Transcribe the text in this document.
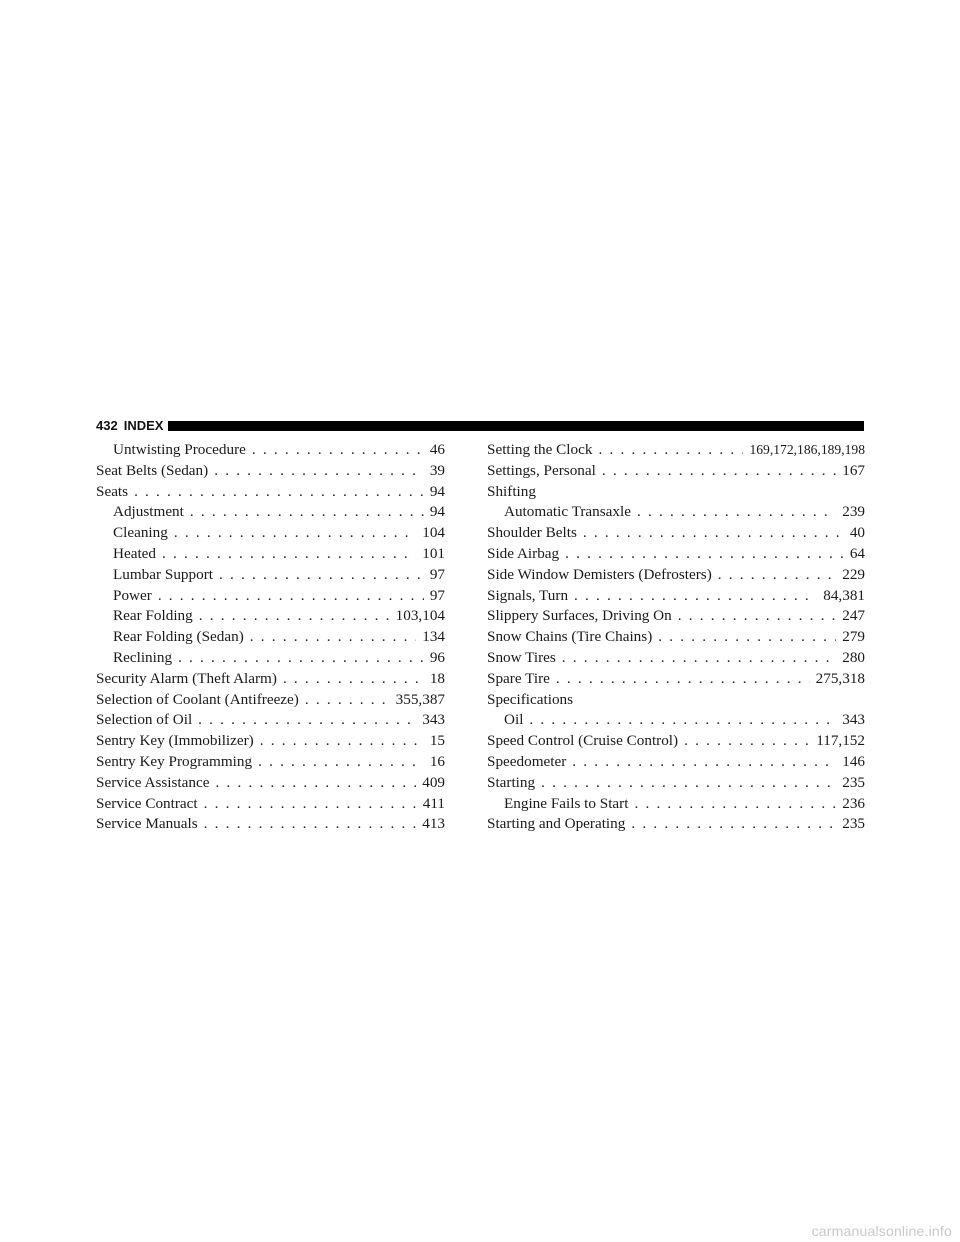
432 INDEX
Untwisting Procedure . . .	46
Seat Belts (Sedan) . . .	39
Seats . . .	94
Adjustment . . .	94
Cleaning . . .	104
Heated . . .	101
Lumbar Support . . .	97
Power . . .	97
Rear Folding . . .	103,104
Rear Folding (Sedan) . . .	134
Reclining . . .	96
Security Alarm (Theft Alarm) . . .	18
Selection of Coolant (Antifreeze) . . .	355,387
Selection of Oil . . .	343
Sentry Key (Immobilizer) . . .	15
Sentry Key Programming . . .	16
Service Assistance . . .	409
Service Contract . . .	411
Service Manuals . . .	413
Setting the Clock . . .	169,172,186,189,198
Settings, Personal . . .	167
Shifting
Automatic Transaxle . . .	239
Shoulder Belts . . .	40
Side Airbag . . .	64
Side Window Demisters (Defrosters) . . .	229
Signals, Turn . . .	84,381
Slippery Surfaces, Driving On . . .	247
Snow Chains (Tire Chains) . . .	279
Snow Tires . . .	280
Spare Tire . . .	275,318
Specifications
Oil . . .	343
Speed Control (Cruise Control) . . .	117,152
Speedometer . . .	146
Starting . . .	235
Engine Fails to Start . . .	236
Starting and Operating . . .	235
carmanualsonline.info
